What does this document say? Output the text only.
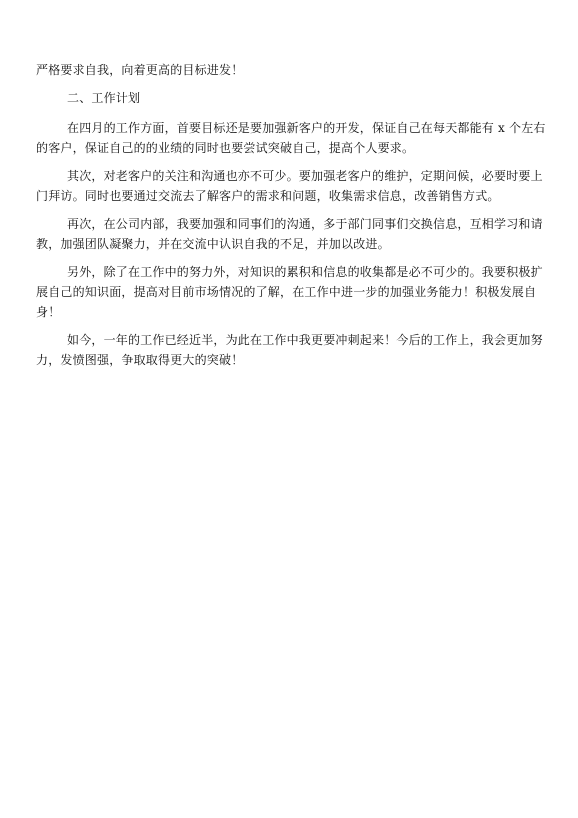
严格要求自我，向着更高的目标进发！

二、工作计划

在四月的工作方面，首要目标还是要加强新客户的开发，保证自己在每天都能有 x 个左右的客户，保证自己的的业绩的同时也要尝试突破自己，提高个人要求。

其次，对老客户的关注和沟通也亦不可少。要加强老客户的维护，定期问候，必要时要上门拜访。同时也要通过交流去了解客户的需求和问题，收集需求信息，改善销售方式。

再次，在公司内部，我要加强和同事们的沟通，多于部门同事们交换信息，互相学习和请教，加强团队凝聚力，并在交流中认识自我的不足，并加以改进。

另外，除了在工作中的努力外，对知识的累积和信息的收集都是必不可少的。我要积极扩展自己的知识面，提高对目前市场情况的了解，在工作中进一步的加强业务能力！积极发展自身！

如今，一年的工作已经近半，为此在工作中我更要冲刺起来！今后的工作上，我会更加努力，发愤图强，争取取得更大的突破！
